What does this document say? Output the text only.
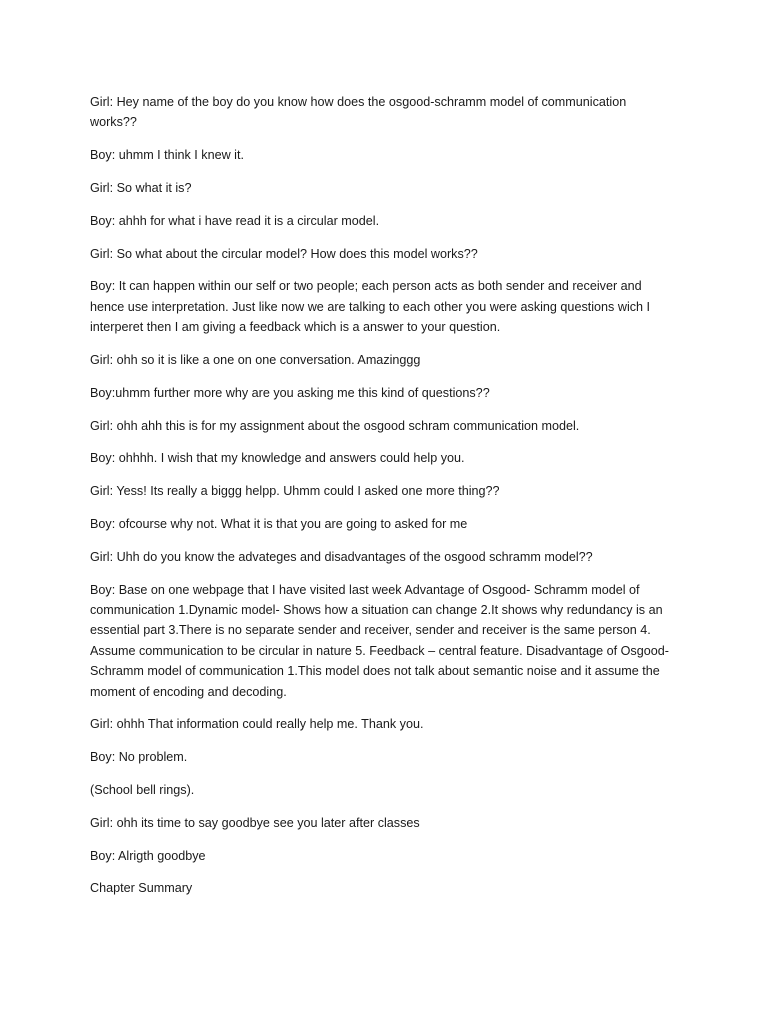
Girl: Hey name of the boy do you know how does the osgood-schramm model of communication works??

Boy: uhmm I think I knew it.

Girl: So what it is?

Boy: ahhh for what i have read it is a circular model.

Girl: So what about the circular model? How does this model works??

Boy: It can happen within our self or two people; each person acts as both sender and receiver and hence use interpretation. Just like now we are talking to each other you were asking questions wich I interperet then I am giving a feedback which is a answer to your question.

Girl: ohh so it is like a one on one conversation. Amazinggg

Boy:uhmm further more why are you asking me this kind of questions??

Girl: ohh ahh this is for my assignment about the osgood schram communication model.

Boy: ohhhh. I wish that my knowledge and answers could help you.

Girl: Yess! Its really a biggg helpp. Uhmm could I asked one more thing??

Boy: ofcourse why not. What it is that you are going to asked for me

Girl: Uhh do you know the advateges and disadvantages of the osgood schramm model??

Boy: Base on one webpage that I have visited last week Advantage of Osgood- Schramm model of communication 1.Dynamic model- Shows how a situation can change 2.It shows why redundancy is an essential part 3.There is no separate sender and receiver, sender and receiver is the same person 4. Assume communication to be circular in nature 5. Feedback – central feature. Disadvantage of Osgood- Schramm model of communication 1.This model does not talk about semantic noise and it assume the moment of encoding and decoding.

Girl: ohhh That information could really help me. Thank you.

Boy: No problem.

(School bell rings).

Girl: ohh its time to say goodbye see you later after classes

Boy: Alrigth goodbye

Chapter Summary
